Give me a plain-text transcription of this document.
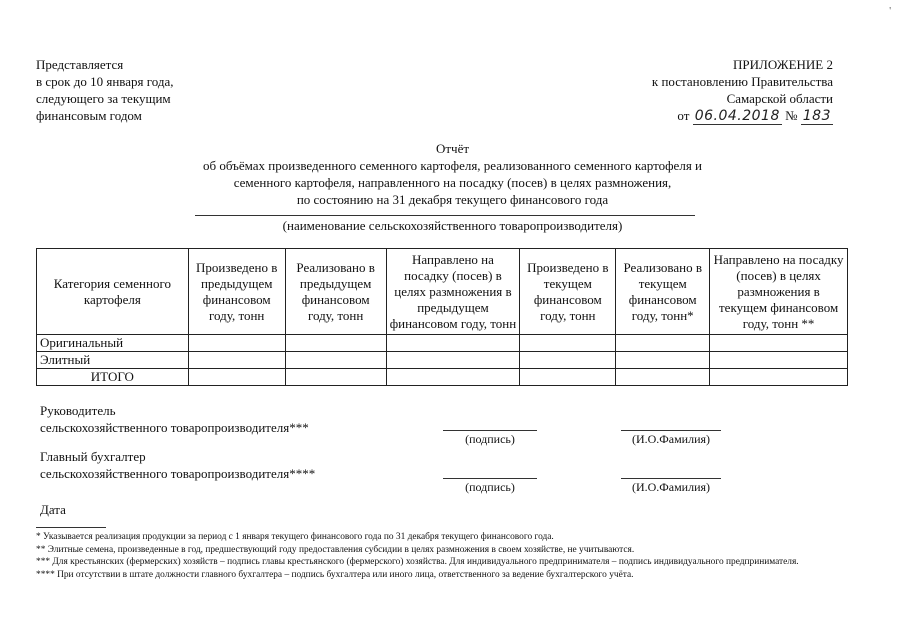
'
Представляется
в срок до 10 января года,
следующего за текущим
финансовым годом
ПРИЛОЖЕНИЕ 2
к постановлению Правительства
Самарской области
от 06.04.2018 № 183
Отчёт
об объёмах произведенного семенного картофеля, реализованного семенного картофеля и
семенного картофеля, направленного на посадку (посев) в целях размножения,
по состоянию на 31 декабря текущего финансового года
(наименование сельскохозяйственного товаропроизводителя)
Категория семенного картофеля	Произведено в предыдущем финансовом году, тонн	Реализовано в предыдущем финансовом году, тонн	Направлено на посадку (посев) в целях размножения в предыдущем финансовом году, тонн	Произведено в текущем финансовом году, тонн	Реализовано в текущем финансовом году, тонн*	Направлено на посадку (посев) в целях размножения в текущем финансовом году, тонн **
Оригинальный						
Элитный						
ИТОГО						
Руководитель
сельскохозяйственного товаропроизводителя***
(подпись)	(И.О.Фамилия)
Главный бухгалтер
сельскохозяйственного товаропроизводителя****
(подпись)	(И.О.Фамилия)
Дата
* Указывается реализация продукции за период с 1 января текущего финансового года по 31 декабря текущего финансового года.
** Элитные семена, произведенные в год, предшествующий году предоставления субсидии в целях размножения в своем хозяйстве, не учитываются.
*** Для крестьянских (фермерских) хозяйств – подпись главы крестьянского (фермерского) хозяйства. Для индивидуального предпринимателя – подпись индивидуального предпринимателя.
**** При отсутствии в штате должности главного бухгалтера – подпись бухгалтера или иного лица, ответственного за ведение бухгалтерского учёта.
